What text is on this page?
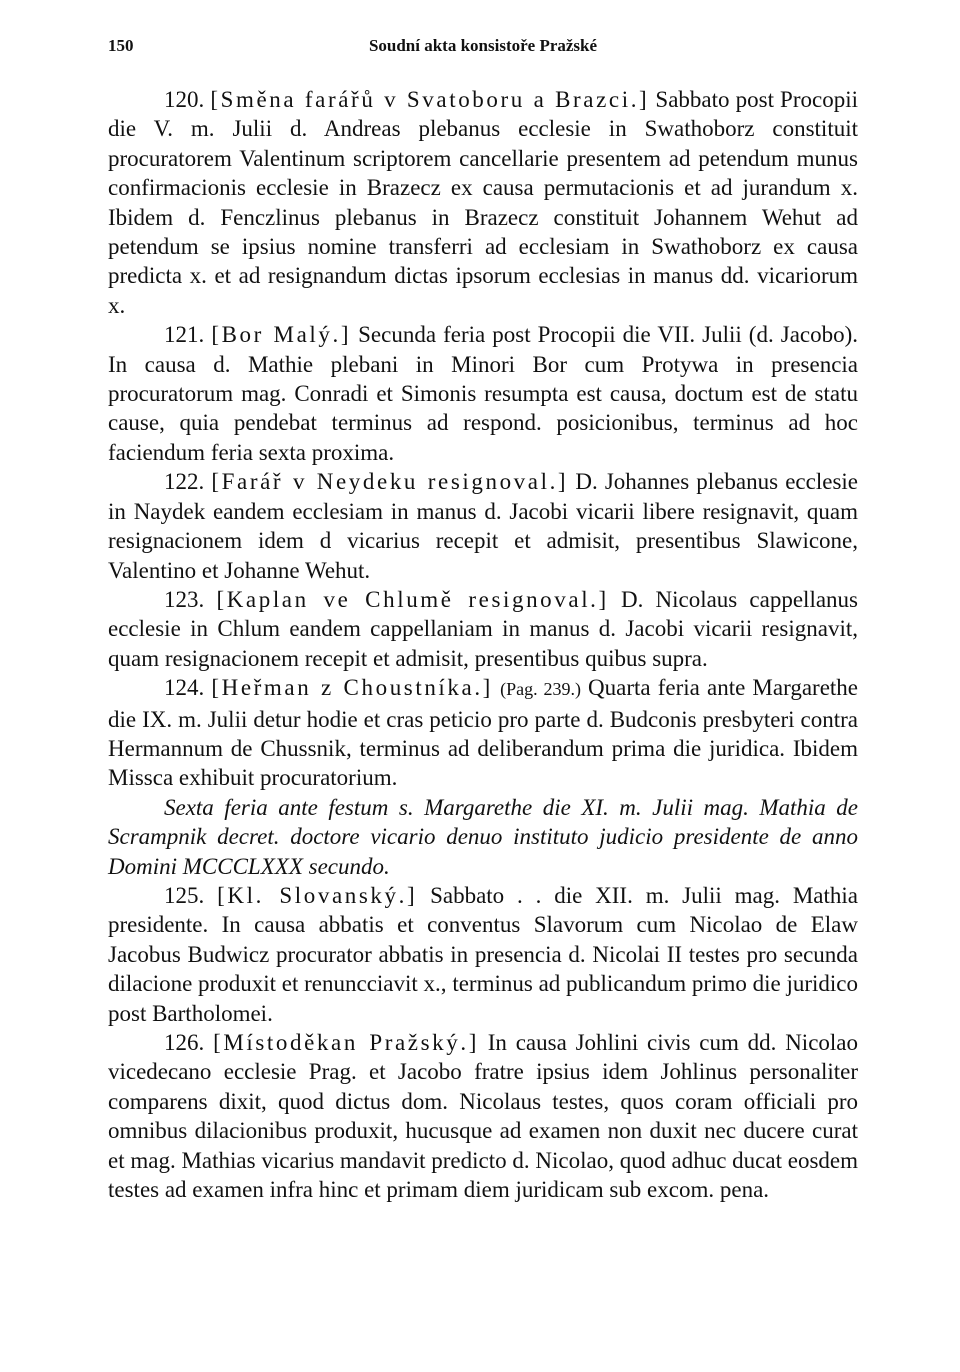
150	Soudní akta konsistoře Pražské

120. [Směna farářů v Svatoboru a Brazci.] Sabbato post Procopii die V. m. Julii d. Andreas plebanus ecclesie in Swathoborz constituit procuratorem Valentinum scriptorem cancellarie presentem ad petendum munus confirmacionis ecclesie in Brazecz ex causa permutacionis et ad jurandum x. Ibidem d. Fenczlinus plebanus in Brazecz constituit Johannem Wehut ad petendum se ipsius nomine transferri ad ecclesiam in Swathoborz ex causa predicta x. et ad resignandum dictas ipsorum ecclesias in manus dd. vicariorum x.

121. [Bor Malý.] Secunda feria post Procopii die VII. Julii (d. Jacobo). In causa d. Mathie plebani in Minori Bor cum Protywa in presencia procuratorum mag. Conradi et Simonis resumpta est causa, doctum est de statu cause, quia pendebat terminus ad respond. posicionibus, terminus ad hoc faciendum feria sexta proxima.

122. [Farář v Neydeku resignoval.] D. Johannes plebanus ecclesie in Naydek eandem ecclesiam in manus d. Jacobi vicarii libere resignavit, quam resignacionem idem d vicarius recepit et admisit, presentibus Slawicone, Valentino et Johanne Wehut.

123. [Kaplan ve Chlumě resignoval.] D. Nicolaus cappellanus ecclesie in Chlum eandem cappellaniam in manus d. Jacobi vicarii resignavit, quam resignacionem recepit et admisit, presentibus quibus supra.

124. [Heřman z Choustníka.] (Pag. 239.) Quarta feria ante Margarethe die IX. m. Julii detur hodie et cras peticio pro parte d. Budconis presbyteri contra Hermannum de Chussnik, terminus ad deliberandum prima die juridica. Ibidem Missca exhibuit procuratorium.

Sexta feria ante festum s. Margarethe die XI. m. Julii mag. Mathia de Scrampnik decret. doctore vicario denuo instituto judicio presidente de anno Domini MCCCLXXX secundo.

125. [Kl. Slovanský.] Sabbato . . die XII. m. Julii mag. Mathia presidente. In causa abbatis et conventus Slavorum cum Nicolao de Elaw Jacobus Budwicz procurator abbatis in presencia d. Nicolai II testes pro secunda dilacione produxit et renuncciavit x., terminus ad publicandum primo die juridico post Bartholomei.

126. [Místoděkan Pražský.] In causa Johlini civis cum dd. Nicolao vicedecano ecclesie Prag. et Jacobo fratre ipsius idem Johlinus personaliter comparens dixit, quod dictus dom. Nicolaus testes, quos coram officiali pro omnibus dilacionibus produxit, hucusque ad examen non duxit nec ducere curat et mag. Mathias vicarius mandavit predicto d. Nicolao, quod adhuc ducat eosdem testes ad examen infra hinc et primam diem juridicam sub excom. pena.
